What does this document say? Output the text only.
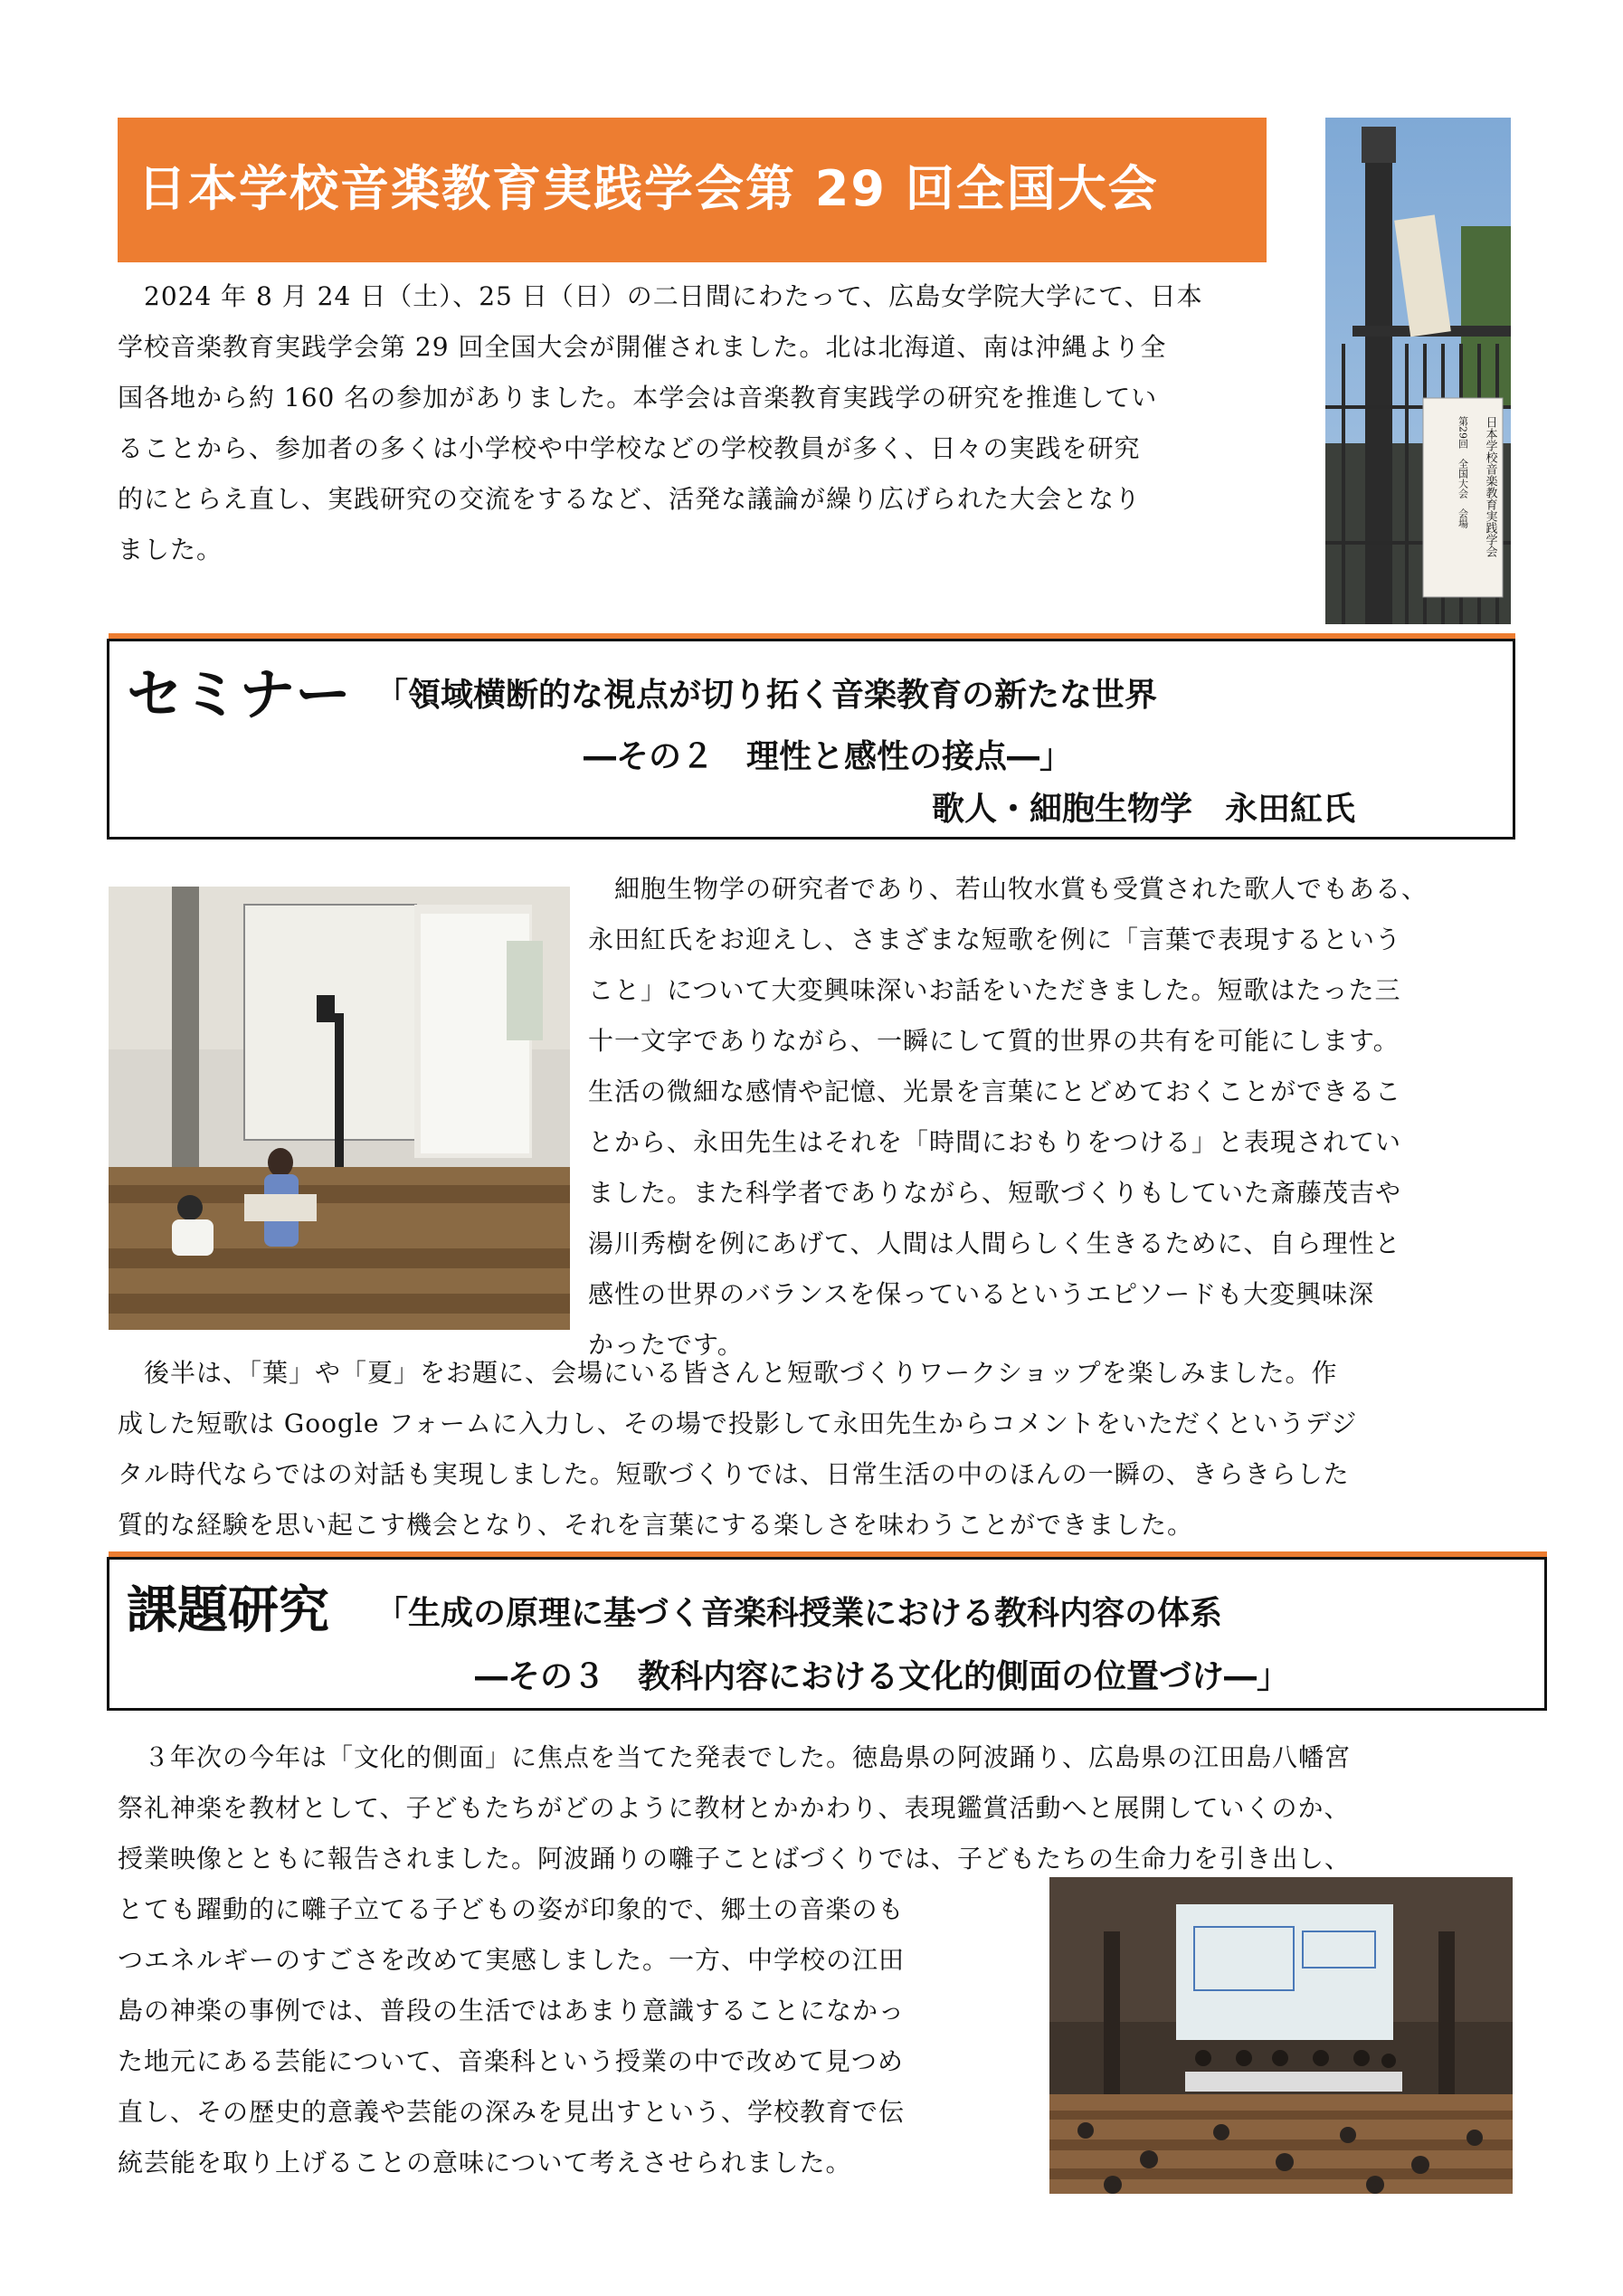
日本学校音楽教育実践学会第 29 回全国大会
日本学校音楽教育実践学会
第29回　全国大会　会場

　2024 年 8 月 24 日（土）、25 日（日）の二日間にわたって、広島女学院大学にて、日本

学校音楽教育実践学会第 29 回全国大会が開催されました。北は北海道、南は沖縄より全

国各地から約 160 名の参加がありました。本学会は音楽教育実践学の研究を推進してい

ることから、参加者の多くは小学校や中学校などの学校教員が多く、日々の実践を研究

的にとらえ直し、実践研究の交流をするなど、活発な議論が繰り広げられた大会となり

ました。

セミナー 「領域横断的な視点が切り拓く音楽教育の新たな世界
―その２　理性と感性の接点―」
歌人・細胞生物学　永田紅氏

　細胞生物学の研究者であり、若山牧水賞も受賞された歌人でもある、

永田紅氏をお迎えし、さまざまな短歌を例に「言葉で表現するという

こと」について大変興味深いお話をいただきました。短歌はたった三

十一文字でありながら、一瞬にして質的世界の共有を可能にします。

生活の微細な感情や記憶、光景を言葉にとどめておくことができるこ

とから、永田先生はそれを「時間におもりをつける」と表現されてい

ました。また科学者でありながら、短歌づくりもしていた斎藤茂吉や

湯川秀樹を例にあげて、人間は人間らしく生きるために、自ら理性と

感性の世界のバランスを保っているというエピソードも大変興味深

かったです。

　後半は、「葉」や「夏」をお題に、会場にいる皆さんと短歌づくりワークショップを楽しみました。作

成した短歌は Google フォームに入力し、その場で投影して永田先生からコメントをいただくというデジ

タル時代ならではの対話も実現しました。短歌づくりでは、日常生活の中のほんの一瞬の、きらきらした

質的な経験を思い起こす機会となり、それを言葉にする楽しさを味わうことができました。

課題研究 「生成の原理に基づく音楽科授業における教科内容の体系
―その３　教科内容における文化的側面の位置づけ―」

　３年次の今年は「文化的側面」に焦点を当てた発表でした。徳島県の阿波踊り、広島県の江田島八幡宮

祭礼神楽を教材として、子どもたちがどのように教材とかかわり、表現鑑賞活動へと展開していくのか、

授業映像とともに報告されました。阿波踊りの囃子ことばづくりでは、子どもたちの生命力を引き出し、

とても躍動的に囃子立てる子どもの姿が印象的で、郷土の音楽のも

つエネルギーのすごさを改めて実感しました。一方、中学校の江田

島の神楽の事例では、普段の生活ではあまり意識することになかっ

た地元にある芸能について、音楽科という授業の中で改めて見つめ

直し、その歴史的意義や芸能の深みを見出すという、学校教育で伝

統芸能を取り上げることの意味について考えさせられました。
